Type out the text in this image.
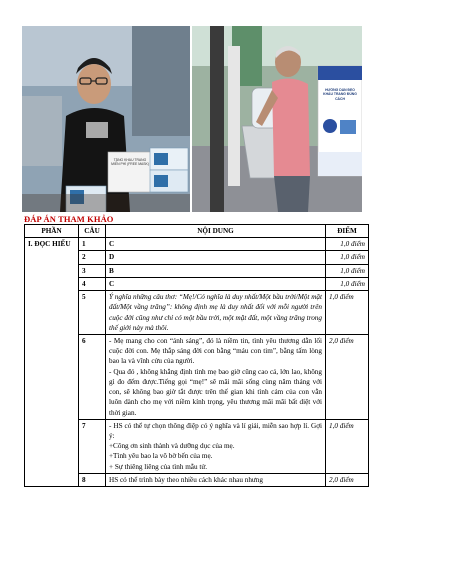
TẶNG KHẨU TRANG MIỄN PHÍ (FREE MASK)
HƯỚNG DẪN ĐEO KHẨU TRANG ĐÚNG CÁCH
ĐÁP ÁN THAM KHẢO
PHẦN	CÂU	NỘI DUNG	ĐIỂM
I. ĐỌC HIỂU	1	C	1,0 điểm
	2	D	1,0 điểm
	3	B	1,0 điểm
	4	C	1,0 điểm
	5	Ý nghĩa những câu thơ: “Mẹ!/Có nghĩa là duy nhất/Một bầu trời/Một mặt đất/Một vầng trăng”: không định mẹ là duy nhất đối với mỗi người trên cuộc đời cũng như chỉ có một bầu trời, một mặt đất, một vầng trăng trong thế giới này mà thôi.	1,0 điểm
	6	- Mẹ mang cho con “ánh sáng”, đó là niềm tin, tình yêu thương dẫn lối cuộc đời con. Mẹ thắp sáng đời con bằng “máu con tim”, bằng tấm lòng bao la và vĩnh cửu của người.
- Qua đó , không khẳng định tình mẹ bao giờ cũng cao cả, lớn lao, không gì đo đếm được.Tiếng gọi “mẹ!” sẽ mãi mãi sống cùng năm tháng với con, sẽ không bao giờ tắt được trên thế gian khi tình cảm của con vẫn luôn dành cho mẹ với niềm kính trọng, yêu thương mãi mãi bất diệt với thời gian.	2,0 điểm
	7	- HS có thể tự chọn thông điệp có ý nghĩa và lí giải, miễn sao hợp lí. Gợi ý:
+Công ơn sinh thành và dưỡng dục của mẹ.
+Tình yêu bao la vô bờ bến của mẹ.
+ Sự thiêng liêng của tình mẫu tử.	1,0 điểm
	8	HS có thể trình bày theo nhiều cách khác nhau nhưng	2,0 điểm
